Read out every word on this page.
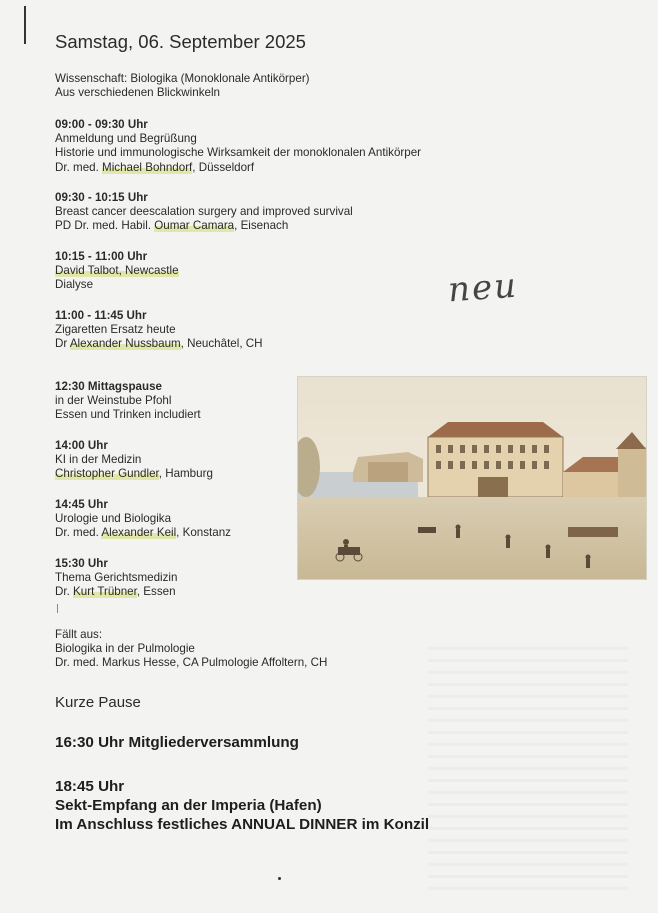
Samstag, 06. September 2025
Wissenschaft: Biologika (Monoklonale Antikörper)
Aus verschiedenen Blickwinkeln
09:00 - 09:30 Uhr
Anmeldung und Begrüßung
Historie und immunologische Wirksamkeit der monoklonalen Antikörper
Dr. med. Michael Bohndorf, Düsseldorf
09:30 - 10:15 Uhr
Breast cancer deescalation surgery and improved survival
PD Dr. med. Habil. Oumar Camara, Eisenach
10:15 - 11:00 Uhr
David Talbot, Newcastle
Dialyse
11:00 - 11:45 Uhr
Zigaretten Ersatz heute
Dr Alexander Nussbaum, Neuchâtel, CH
12:30 Mittagspause
in der Weinstube Pfohl
Essen und Trinken includiert
14:00 Uhr
KI in der Medizin
Christopher Gundler, Hamburg
14:45 Uhr
Urologie und Biologika
Dr. med. Alexander Keil, Konstanz
15:30 Uhr
Thema Gerichtsmedizin
Dr. Kurt Trübner, Essen
Fällt aus:
Biologika in der Pulmologie
Dr. med. Markus Hesse, CA Pulmologie Affoltern, CH
Kurze Pause
16:30 Uhr Mitgliederversammlung
18:45 Uhr
Sekt-Empfang an der Imperia (Hafen)
Im Anschluss festliches ANNUAL DINNER im Konzil
neu
